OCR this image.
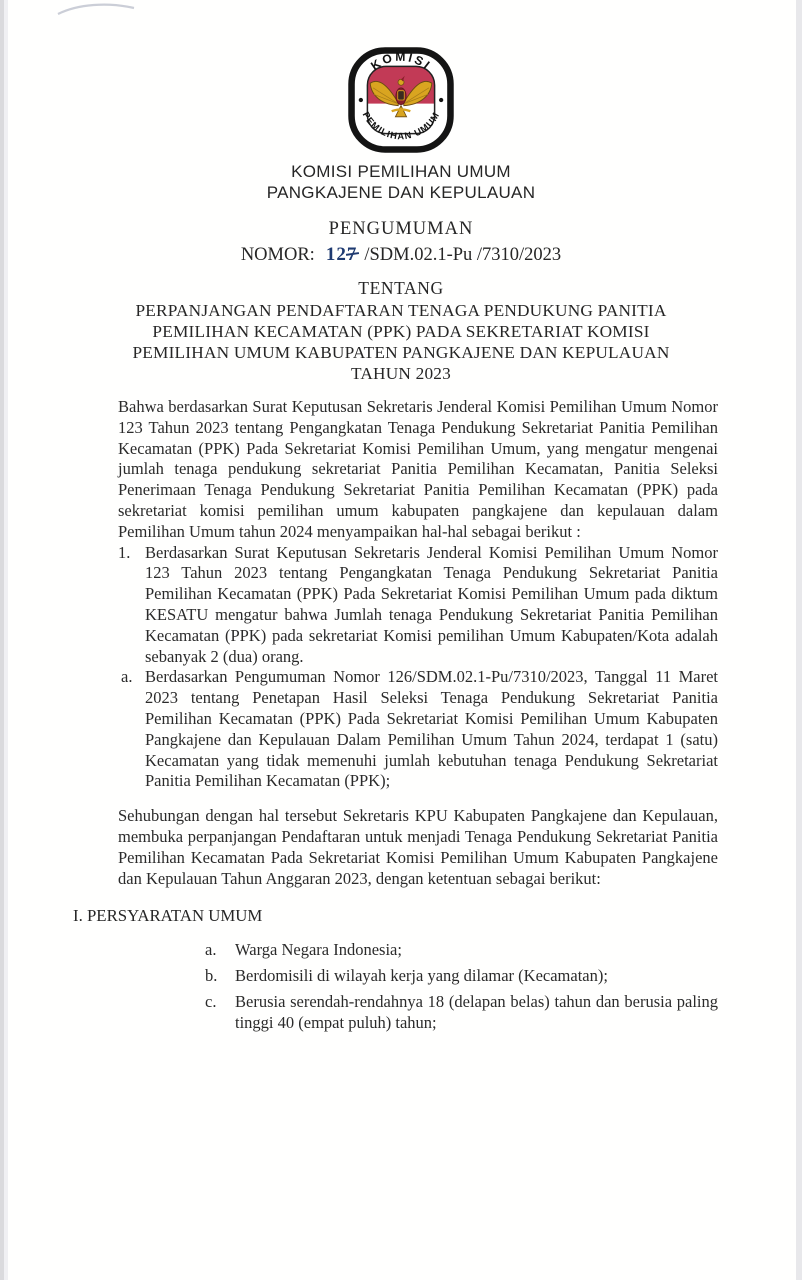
KOMISI
PEMILIHAN UMUM
KOMISI PEMILIHAN UMUM
PANGKAJENE DAN KEPULAUAN
PENGUMUMAN
NOMOR: 127 /SDM.02.1-Pu /7310/2023
TENTANG
PERPANJANGAN PENDAFTARAN TENAGA PENDUKUNG PANITIA
PEMILIHAN KECAMATAN (PPK) PADA SEKRETARIAT KOMISI
PEMILIHAN UMUM KABUPATEN PANGKAJENE DAN KEPULAUAN
TAHUN 2023
Bahwa berdasarkan Surat Keputusan Sekretaris Jenderal Komisi Pemilihan Umum Nomor 123 Tahun 2023 tentang Pengangkatan Tenaga Pendukung Sekretariat Panitia Pemilihan Kecamatan (PPK) Pada Sekretariat Komisi Pemilihan Umum, yang mengatur mengenai jumlah tenaga pendukung sekretariat Panitia Pemilihan Kecamatan, Panitia Seleksi Penerimaan Tenaga Pendukung Sekretariat Panitia Pemilihan Kecamatan (PPK) pada sekretariat komisi pemilihan umum kabupaten pangkajene dan kepulauan dalam Pemilihan Umum tahun 2024 menyampaikan hal-hal sebagai berikut :
1. Berdasarkan Surat Keputusan Sekretaris Jenderal Komisi Pemilihan Umum Nomor 123 Tahun 2023 tentang Pengangkatan Tenaga Pendukung Sekretariat Panitia Pemilihan Kecamatan (PPK) Pada Sekretariat Komisi Pemilihan Umum pada diktum KESATU mengatur bahwa Jumlah tenaga Pendukung Sekretariat Panitia Pemilihan Kecamatan (PPK) pada sekretariat Komisi pemilihan Umum Kabupaten/Kota adalah sebanyak 2 (dua) orang.
a. Berdasarkan Pengumuman Nomor 126/SDM.02.1-Pu/7310/2023, Tanggal 11 Maret 2023 tentang Penetapan Hasil Seleksi Tenaga Pendukung Sekretariat Panitia Pemilihan Kecamatan (PPK) Pada Sekretariat Komisi Pemilihan Umum Kabupaten Pangkajene dan Kepulauan Dalam Pemilihan Umum Tahun 2024, terdapat 1 (satu) Kecamatan yang tidak memenuhi jumlah kebutuhan tenaga Pendukung Sekretariat Panitia Pemilihan Kecamatan (PPK);
Sehubungan dengan hal tersebut Sekretaris KPU Kabupaten Pangkajene dan Kepulauan, membuka perpanjangan Pendaftaran untuk menjadi Tenaga Pendukung Sekretariat Panitia Pemilihan Kecamatan Pada Sekretariat Komisi Pemilihan Umum Kabupaten Pangkajene dan Kepulauan Tahun Anggaran 2023, dengan ketentuan sebagai berikut:
I. PERSYARATAN UMUM
a. Warga Negara Indonesia;
b. Berdomisili di wilayah kerja yang dilamar (Kecamatan);
c. Berusia serendah-rendahnya 18 (delapan belas) tahun dan berusia paling tinggi 40 (empat puluh) tahun;
